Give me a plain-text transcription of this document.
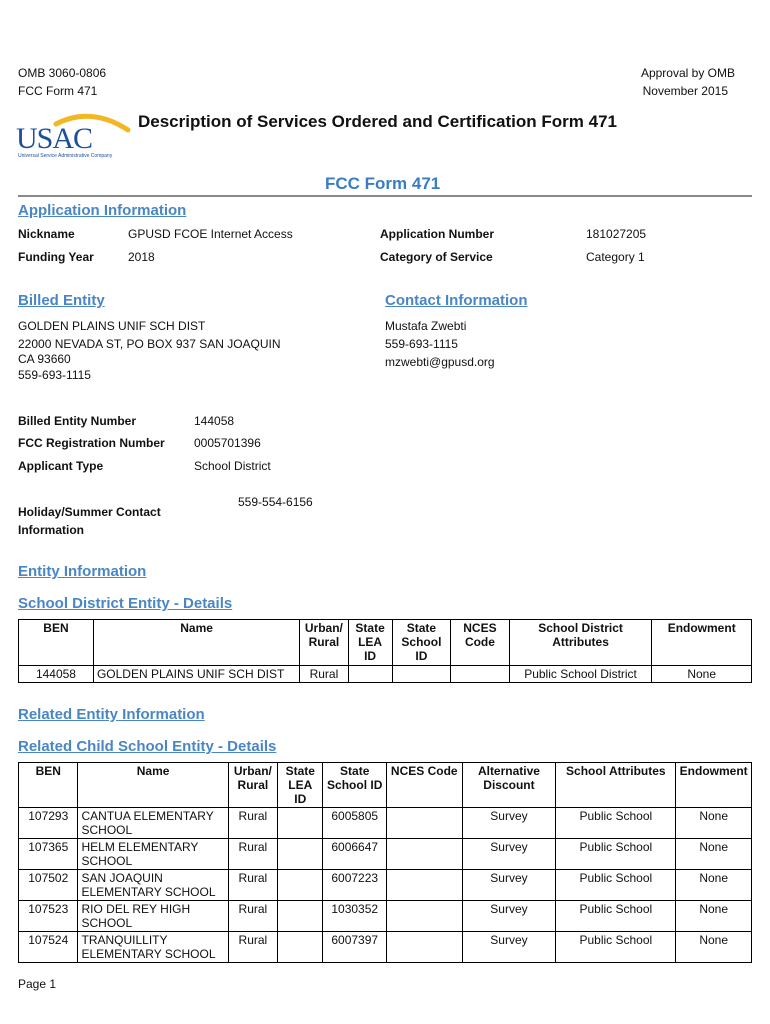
OMB 3060-0806
FCC Form 471
Approval by OMB
November 2015
USAC
Universal Service Administrative Company
Description of Services Ordered and Certification Form 471
FCC Form 471
Application Information
Nickname	GPUSD FCOE Internet Access
Funding Year	2018
Application Number	181027205
Category of Service	Category 1
Billed Entity
GOLDEN PLAINS UNIF SCH DIST
22000 NEVADA ST, PO BOX 937 SAN JOAQUIN
CA 93660
559-693-1115
Contact Information
Mustafa Zwebti
559-693-1115
mzwebti@gpusd.org
Billed Entity Number	144058
FCC Registration Number 0005701396
Applicant Type	School District
Holiday/Summer Contact
Information
559-554-6156
Entity Information
School District Entity - Details
BEN	Name	Urban/ Rural	State LEA ID	State School ID	NCES Code	School District Attributes	Endowment
144058	GOLDEN PLAINS UNIF SCH DIST	Rural				Public School District	None
Related Entity Information
Related Child School Entity - Details
BEN	Name	Urban/ Rural	State LEA ID	State School ID	NCES Code	Alternative Discount	School Attributes	Endowment
107293	CANTUA ELEMENTARY SCHOOL	Rural		6005805		Survey	Public School	None
107365	HELM ELEMENTARY SCHOOL	Rural		6006647		Survey	Public School	None
107502	SAN JOAQUIN ELEMENTARY SCHOOL	Rural		6007223		Survey	Public School	None
107523	RIO DEL REY HIGH SCHOOL	Rural		1030352		Survey	Public School	None
107524	TRANQUILLITY ELEMENTARY SCHOOL	Rural		6007397		Survey	Public School	None
Page 1
